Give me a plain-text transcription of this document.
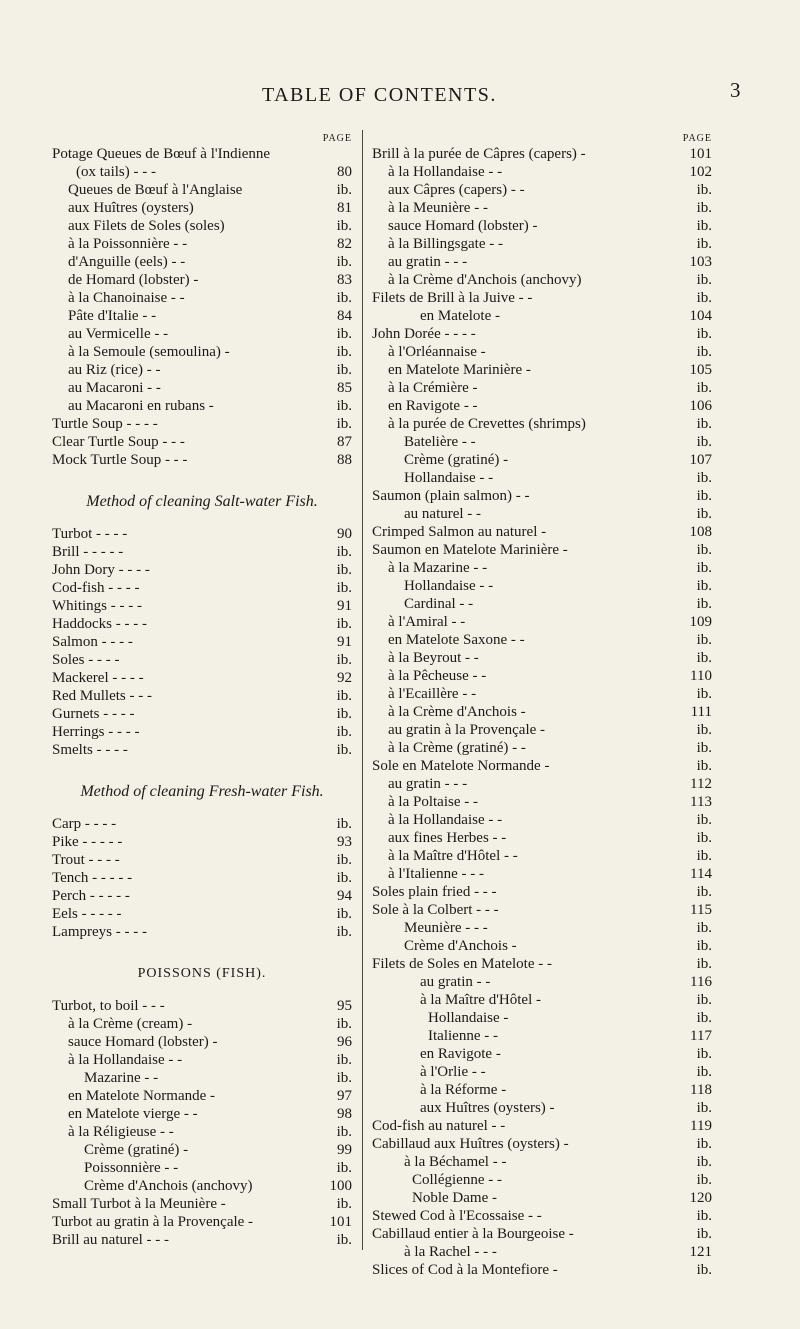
TABLE OF CONTENTS.	3
PAGE
Potage Queues de Bœuf à l'Indienne
(ox tails) - - -	80
Queues de Bœuf à l'Anglaise	ib.
aux Huîtres (oysters)	81
aux Filets de Soles (soles)	ib.
à la Poissonnière - -	82
d'Anguille (eels) - -	ib.
de Homard (lobster) -	83
à la Chanoinaise - -	ib.
Pâte d'Italie - -	84
au Vermicelle - -	ib.
à la Semoule (semoulina) -	ib.
au Riz (rice) - -	ib.
au Macaroni - -	85
au Macaroni en rubans -	ib.
Turtle Soup - - - -	ib.
Clear Turtle Soup - - -	87
Mock Turtle Soup - - -	88
Method of cleaning Salt-water Fish.
Turbot - - - -	90
Brill - - - - -	ib.
John Dory - - - -	ib.
Cod-fish - - - -	ib.
Whitings - - - -	91
Haddocks - - - -	ib.
Salmon - - - -	91
Soles - - - -	ib.
Mackerel - - - -	92
Red Mullets - - -	ib.
Gurnets - - - -	ib.
Herrings - - - -	ib.
Smelts - - - -	ib.
Method of cleaning Fresh-water Fish.
Carp - - - -	ib.
Pike - - - - -	93
Trout - - - -	ib.
Tench - - - - -	ib.
Perch - - - - -	94
Eels - - - - -	ib.
Lampreys - - - -	ib.
POISSONS (FISH).
Turbot, to boil - - -	95
à la Crème (cream) -	ib.
sauce Homard (lobster) -	96
à la Hollandaise - -	ib.
Mazarine - -	ib.
en Matelote Normande -	97
en Matelote vierge - -	98
à la Réligieuse - -	ib.
Crème (gratiné) -	99
Poissonnière - -	ib.
Crème d'Anchois (anchovy)	100
Small Turbot à la Meunière -	ib.
Turbot au gratin à la Provençale -	101
Brill au naturel - - -	ib.
PAGE
Brill à la purée de Câpres (capers) -	101
à la Hollandaise - -	102
aux Câpres (capers) - -	ib.
à la Meunière - -	ib.
sauce Homard (lobster) -	ib.
à la Billingsgate - -	ib.
au gratin - - -	103
à la Crème d'Anchois (anchovy)	ib.
Filets de Brill à la Juive - -	ib.
en Matelote -	104
John Dorée - - - -	ib.
à l'Orléannaise -	ib.
en Matelote Marinière -	105
à la Crémière -	ib.
en Ravigote - -	106
à la purée de Crevettes (shrimps)	ib.
Batelière - -	ib.
Crème (gratiné) -	107
Hollandaise - -	ib.
Saumon (plain salmon) - -	ib.
au naturel - -	ib.
Crimped Salmon au naturel -	108
Saumon en Matelote Marinière -	ib.
à la Mazarine - -	ib.
Hollandaise - -	ib.
Cardinal - -	ib.
à l'Amiral - -	109
en Matelote Saxone - -	ib.
à la Beyrout - -	ib.
à la Pêcheuse - -	110
à l'Ecaillère - -	ib.
à la Crème d'Anchois -	111
au gratin à la Provençale -	ib.
à la Crème (gratiné) - -	ib.
Sole en Matelote Normande -	ib.
au gratin - - -	112
à la Poltaise - -	113
à la Hollandaise - -	ib.
aux fines Herbes - -	ib.
à la Maître d'Hôtel - -	ib.
à l'Italienne - - -	114
Soles plain fried - - -	ib.
Sole à la Colbert - - -	115
Meunière - - -	ib.
Crème d'Anchois -	ib.
Filets de Soles en Matelote - -	ib.
au gratin - -	116
à la Maître d'Hôtel -	ib.
Hollandaise -	ib.
Italienne - -	117
en Ravigote -	ib.
à l'Orlie - -	ib.
à la Réforme -	118
aux Huîtres (oysters) -	ib.
Cod-fish au naturel - -	119
Cabillaud aux Huîtres (oysters) -	ib.
à la Béchamel - -	ib.
Collégienne - -	ib.
Noble Dame -	120
Stewed Cod à l'Ecossaise - -	ib.
Cabillaud entier à la Bourgeoise -	ib.
à la Rachel - - -	121
Slices of Cod à la Montefiore -	ib.
